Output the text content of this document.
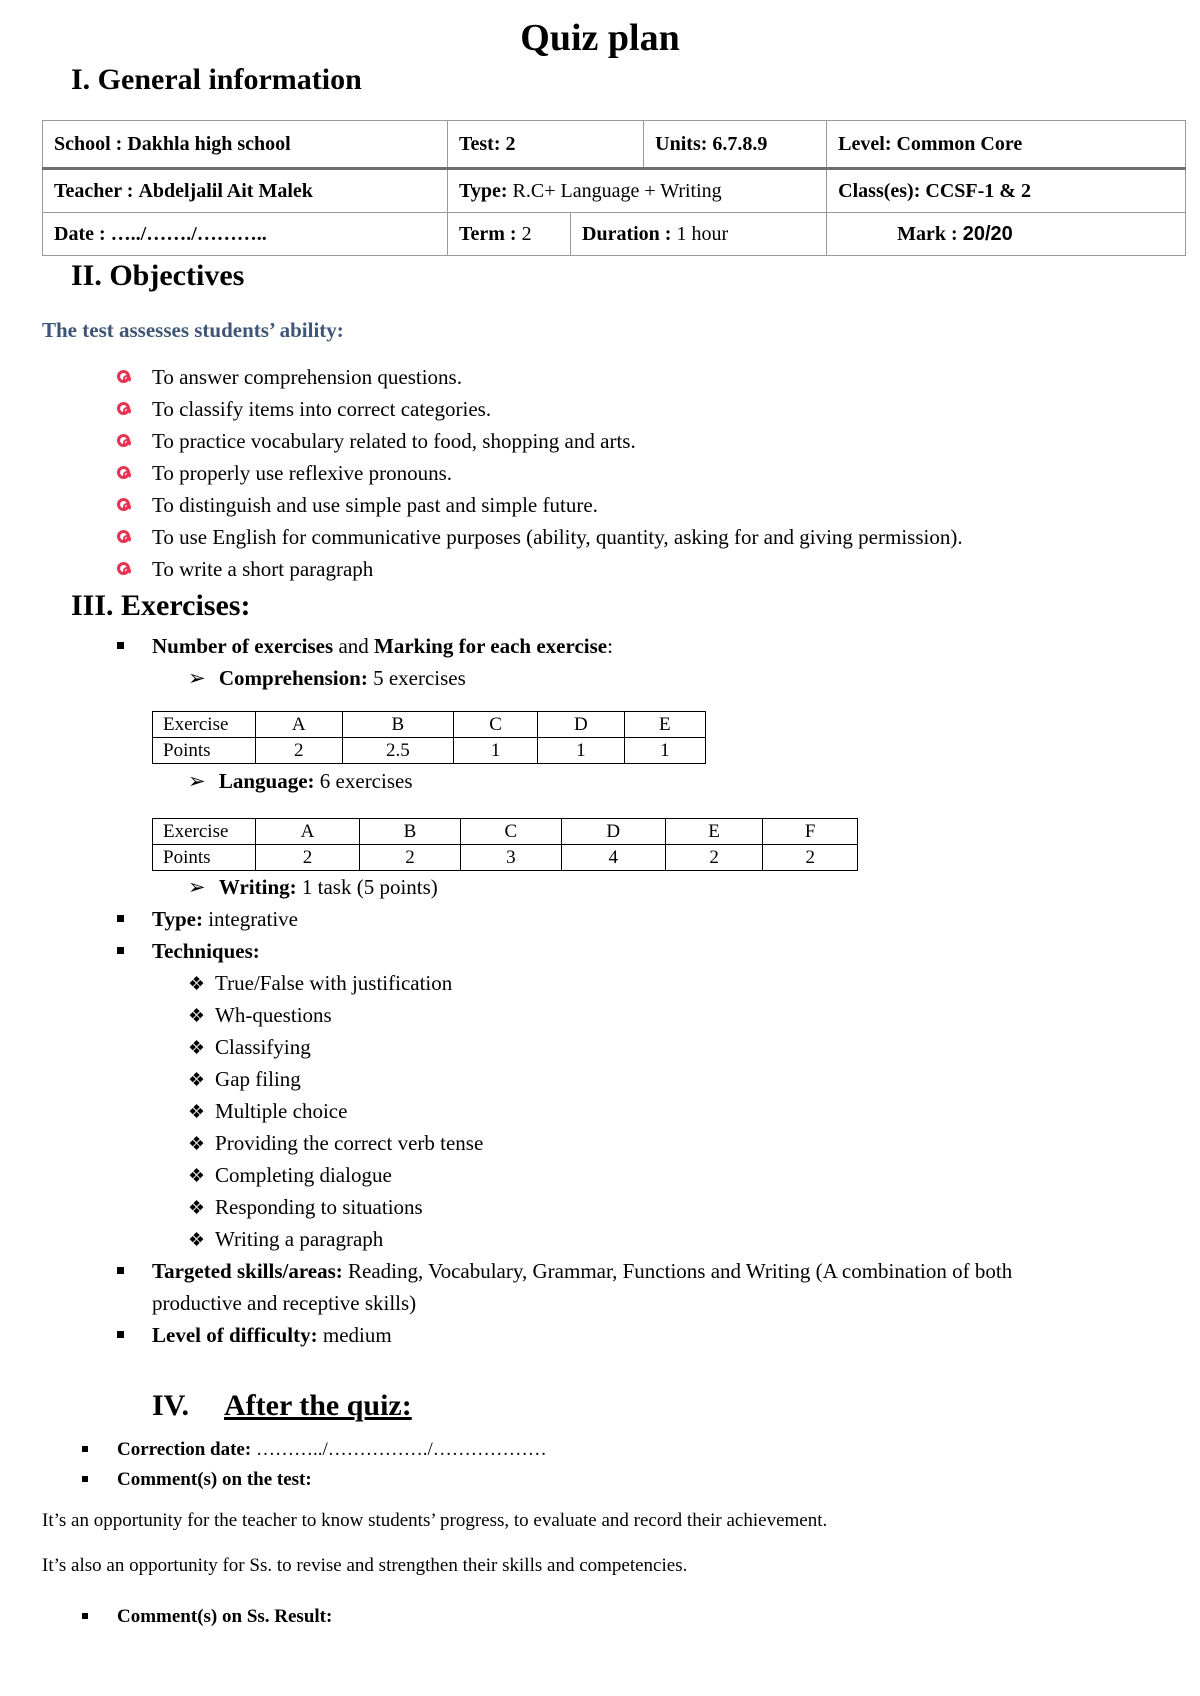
Quiz plan
I. General information
School : Dakhla high school	Test: 2		Units: 6.7.8.9	Level: Common Core
Teacher : Abdeljalil Ait Malek	Type: R.C+ Language + Writing			Class(es): CCSF-1 & 2
Date : …../……./………..	Term : 2	Duration : 1 hour		Mark : 20/20
II. Objectives
The test assesses students’ ability:
To answer comprehension questions.
To classify items into correct categories.
To practice vocabulary related to food, shopping and arts.
To properly use reflexive pronouns.
To distinguish and use simple past and simple future.
To use English for communicative purposes (ability, quantity, asking for and giving permission).
To write a short paragraph
III. Exercises:
Number of exercises and Marking for each exercise:
➢ Comprehension: 5 exercises
Exercise	A	B	C	D	E
Points	2	2.5	1	1	1
➢ Language: 6 exercises
Exercise	A	B	C	D	E	F
Points	2	2	3	4	2	2
➢ Writing: 1 task (5 points)
Type: integrative
Techniques:
❖ True/False with justification
❖ Wh-questions
❖ Classifying
❖ Gap filing
❖ Multiple choice
❖ Providing the correct verb tense
❖ Completing dialogue
❖ Responding to situations
❖ Writing a paragraph
Targeted skills/areas: Reading, Vocabulary, Grammar, Functions and Writing (A combination of both
productive and receptive skills)
Level of difficulty: medium
IV. After the quiz:
Correction date: ………../……………./………………
Comment(s) on the test:
It’s an opportunity for the teacher to know students’ progress, to evaluate and record their achievement.
It’s also an opportunity for Ss. to revise and strengthen their skills and competencies.
Comment(s) on Ss. Result:
